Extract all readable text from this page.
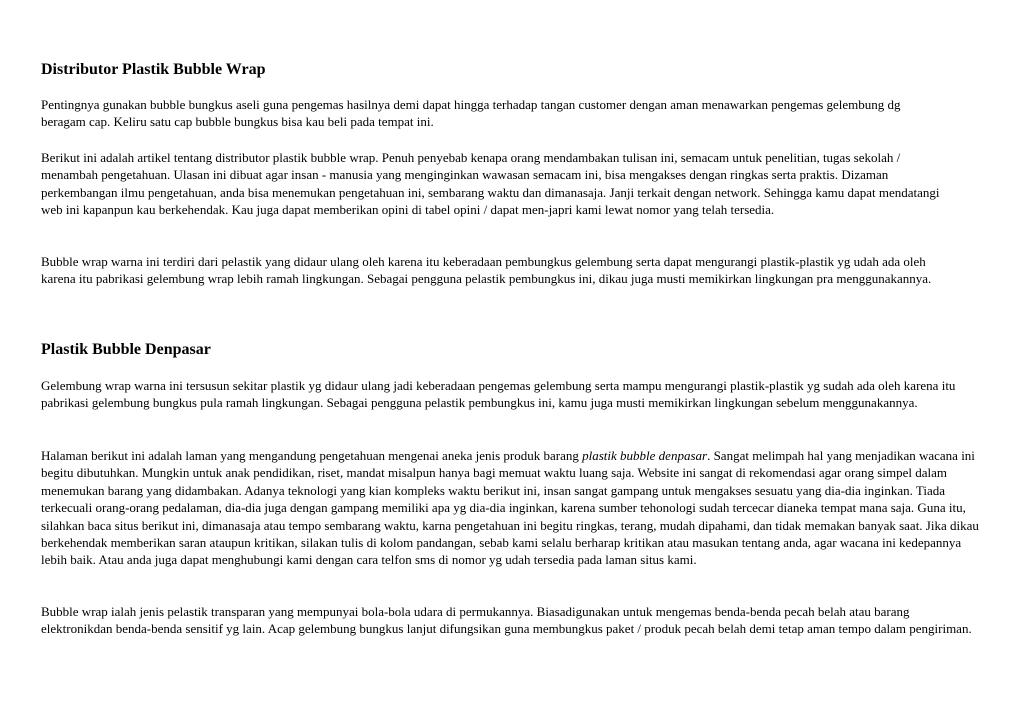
Distributor Plastik Bubble Wrap

Pentingnya gunakan bubble bungkus aseli guna pengemas hasilnya demi dapat hingga terhadap tangan customer dengan aman menawarkan pengemas gelembung dg beragam cap. Keliru satu cap bubble bungkus bisa kau beli pada tempat ini.

Berikut ini adalah artikel tentang distributor plastik bubble wrap. Penuh penyebab kenapa orang mendambakan tulisan ini, semacam untuk penelitian, tugas sekolah / menambah pengetahuan. Ulasan ini dibuat agar insan - manusia yang menginginkan wawasan semacam ini, bisa mengakses dengan ringkas serta praktis. Dizaman perkembangan ilmu pengetahuan, anda bisa menemukan pengetahuan ini, sembarang waktu dan dimanasaja. Janji terkait dengan network. Sehingga kamu dapat mendatangi web ini kapanpun kau berkehendak. Kau juga dapat memberikan opini di tabel opini / dapat men-japri kami lewat nomor yang telah tersedia.

Bubble wrap warna ini terdiri dari pelastik yang didaur ulang oleh karena itu keberadaan pembungkus gelembung serta dapat mengurangi plastik-plastik yg udah ada oleh karena itu pabrikasi gelembung wrap lebih ramah lingkungan. Sebagai pengguna pelastik pembungkus ini, dikau juga musti memikirkan lingkungan pra menggunakannya.

Plastik Bubble Denpasar

Gelembung wrap warna ini tersusun sekitar plastik yg didaur ulang jadi keberadaan pengemas gelembung serta mampu mengurangi plastik-plastik yg sudah ada oleh karena itu pabrikasi gelembung bungkus pula ramah lingkungan. Sebagai pengguna pelastik pembungkus ini, kamu juga musti memikirkan lingkungan sebelum menggunakannya.

Halaman berikut ini adalah laman yang mengandung pengetahuan mengenai aneka jenis produk barang plastik bubble denpasar. Sangat melimpah hal yang menjadikan wacana ini begitu dibutuhkan. Mungkin untuk anak pendidikan, riset, mandat misalpun hanya bagi memuat waktu luang saja. Website ini sangat di rekomendasi agar orang simpel dalam menemukan barang yang didambakan. Adanya teknologi yang kian kompleks waktu berikut ini, insan sangat gampang untuk mengakses sesuatu yang dia-dia inginkan. Tiada terkecuali orang-orang pedalaman, dia-dia juga dengan gampang memiliki apa yg dia-dia inginkan, karena sumber tehonologi sudah tercecar dianeka tempat mana saja. Guna itu, silahkan baca situs berikut ini, dimanasaja atau tempo sembarang waktu, karna pengetahuan ini begitu ringkas, terang, mudah dipahami, dan tidak memakan banyak saat. Jika dikau berkehendak memberikan saran ataupun kritikan, silakan tulis di kolom pandangan, sebab kami selalu berharap kritikan atau masukan tentang anda, agar wacana ini kedepannya lebih baik. Atau anda juga dapat menghubungi kami dengan cara telfon sms di nomor yg udah tersedia pada laman situs kami.

Bubble wrap ialah jenis pelastik transparan yang mempunyai bola-bola udara di permukannya. Biasadigunakan untuk mengemas benda-benda pecah belah atau barang elektronikdan benda-benda sensitif yg lain. Acap gelembung bungkus lanjut difungsikan guna membungkus paket / produk pecah belah demi tetap aman tempo dalam pengiriman.
